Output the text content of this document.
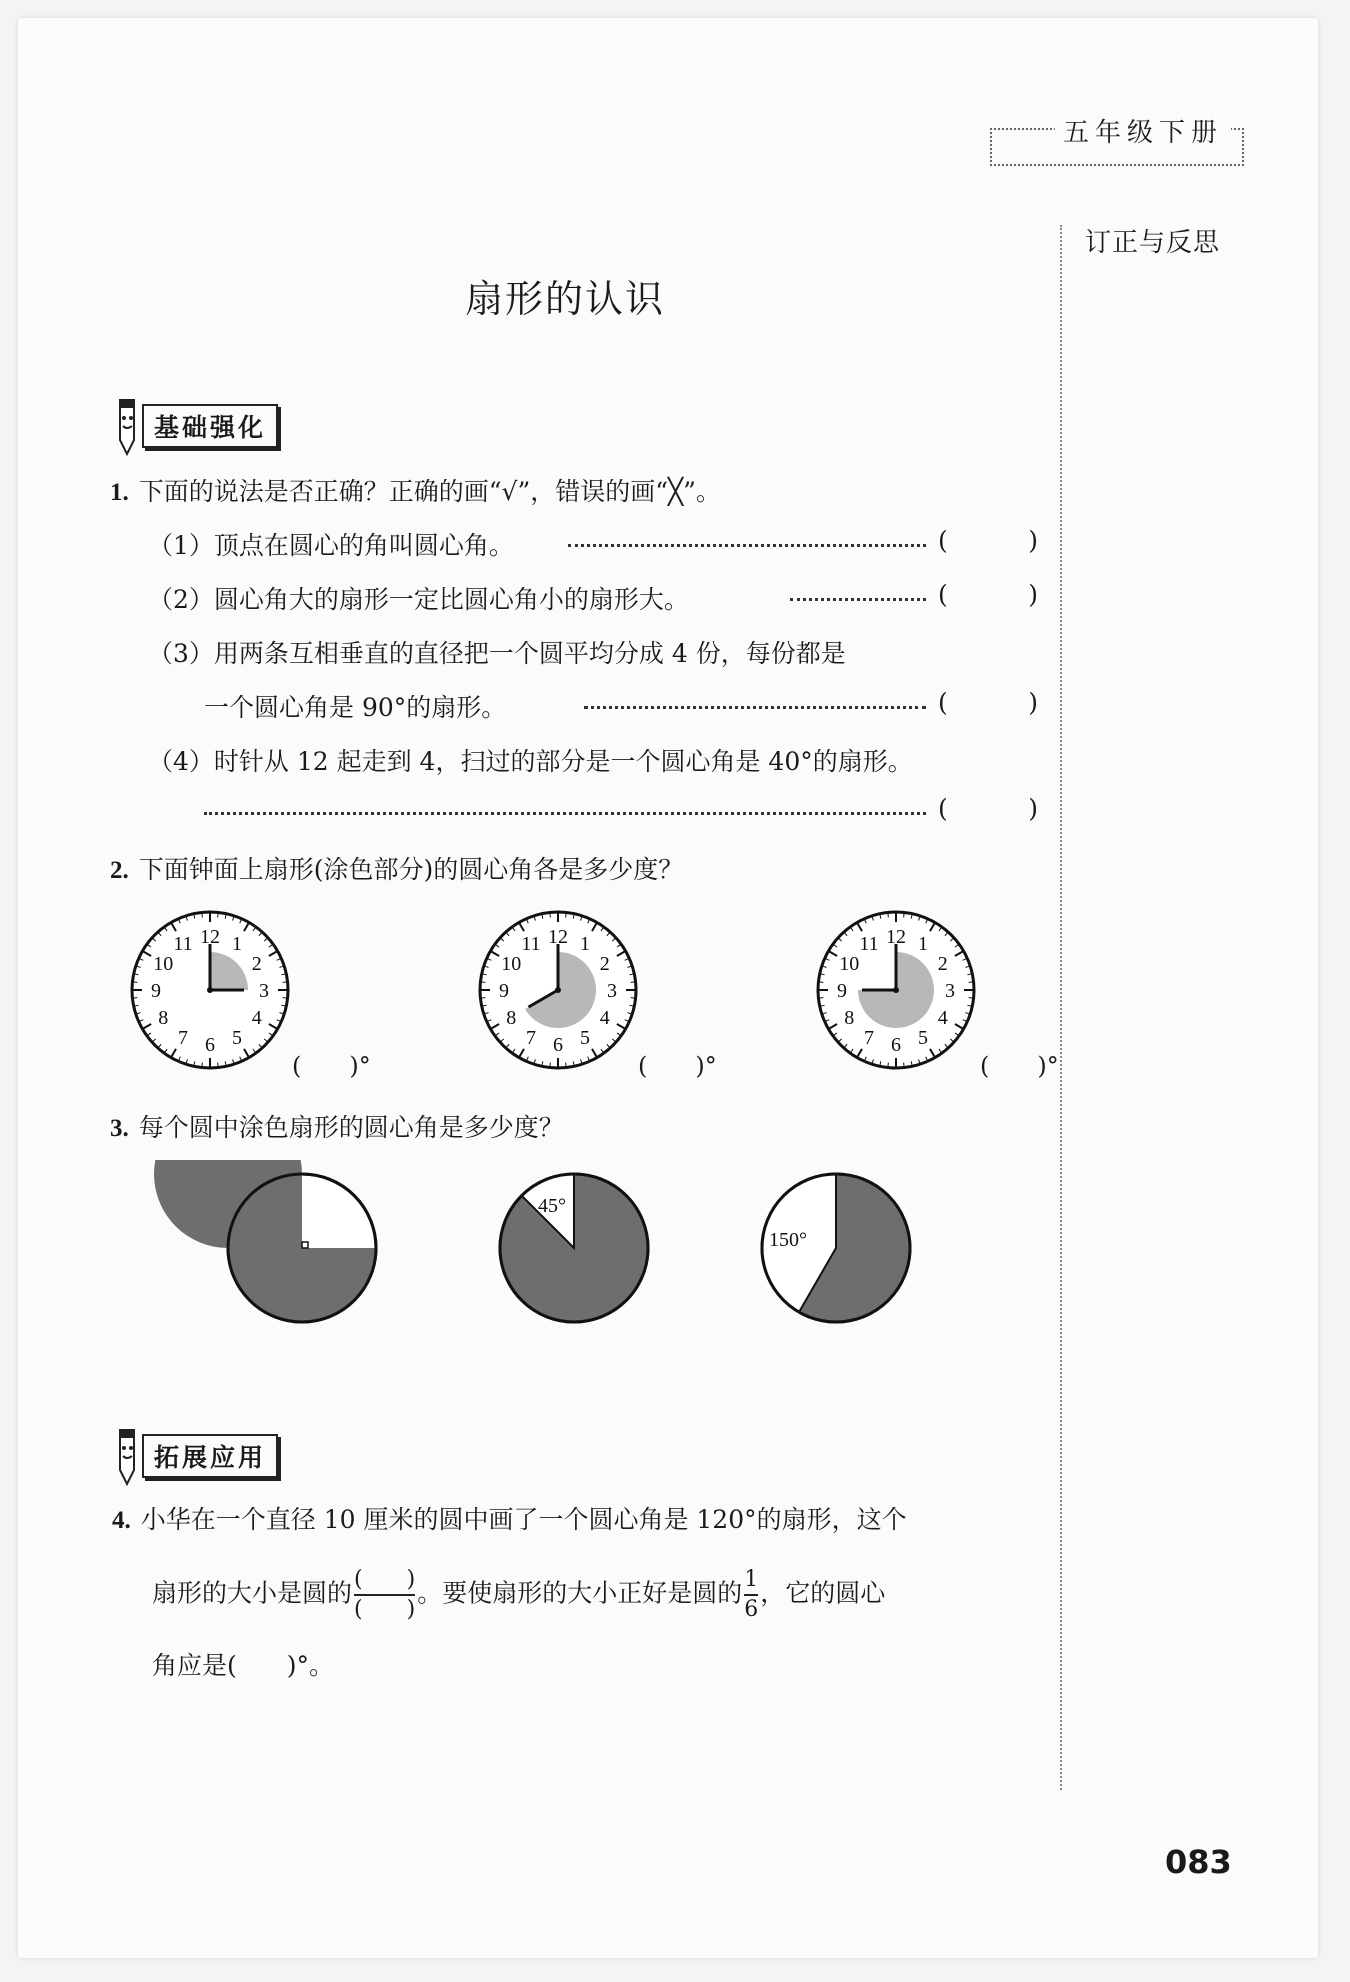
五年级下册
订正与反思
扇形的认识
基础强化
1. 下面的说法是否正确？正确的画“√”，错误的画“╳”。
（1）顶点在圆心的角叫圆心角。	(	)
（2）圆心角大的扇形一定比圆心角小的扇形大。	(	)
（3）用两条互相垂直的直径把一个圆平均分成 4 份，每份都是
一个圆心角是 90°的扇形。	(	)
（4）时针从 12 起走到 4，扫过的部分是一个圆心角是 40°的扇形。
(	)
2. 下面钟面上扇形(涂色部分)的圆心角各是多少度？
12 1
2
3
4
5
6
7
8
9
10
11	12 1
2
3
4
5
6
7
8
9
10
11	12 1
2
3
4
5
6
7
8
9
10
11
(　　)°	(　　)°	(　　)°
3. 每个圆中涂色扇形的圆心角是多少度？
45°
150°
拓展应用
4. 小华在一个直径 10 厘米的圆中画了一个圆心角是 120°的扇形，这个
扇形的大小是圆的$\frac{( )}{( )}$ 。要使扇形的大小正好是圆的$\frac{1}{6}$ ，它的圆心
角应是(　　)°。
083
